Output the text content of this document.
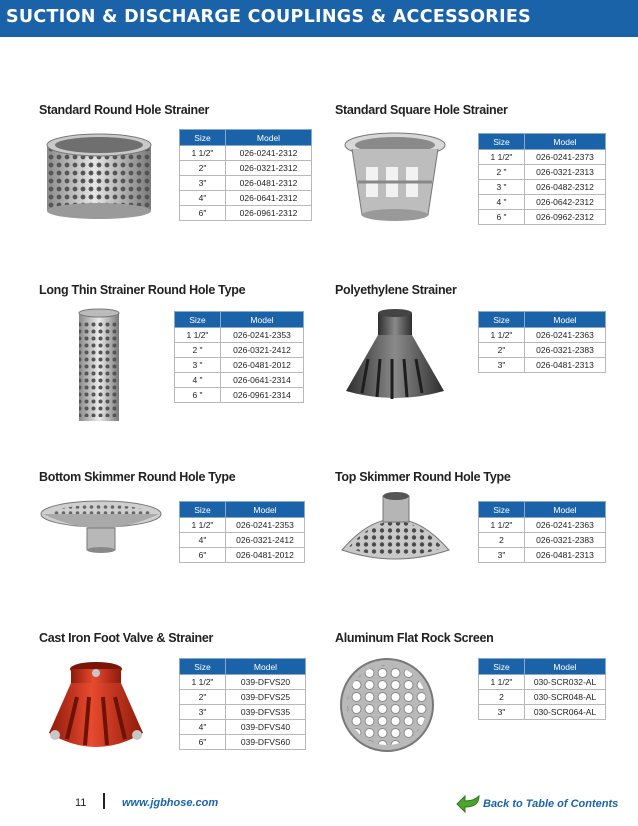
SUCTION & DISCHARGE COUPLINGS & ACCESSORIES
Standard Round Hole Strainer
Size	Model
1 1/2"	026-0241-2312
2"	026-0321-2312
3"	026-0481-2312
4"	026-0641-2312
6"	026-0961-2312
Standard Square Hole Strainer
Size	Model
1 1/2"	026-0241-2373
2 "	026-0321-2313
3 "	026-0482-2312
4 "	026-0642-2312
6 "	026-0962-2312
Long Thin Strainer Round Hole Type
Size	Model
1 1/2"	026-0241-2353
2 "	026-0321-2412
3 "	026-0481-2012
4 "	026-0641-2314
6 "	026-0961-2314
Polyethylene Strainer
Size	Model
1 1/2"	026-0241-2363
2"	026-0321-2383
3"	026-0481-2313
Bottom Skimmer Round Hole Type
Size	Model
1 1/2"	026-0241-2353
4"	026-0321-2412
6"	026-0481-2012
Top Skimmer Round Hole Type
Size	Model
1 1/2"	026-0241-2363
2	026-0321-2383
3"	026-0481-2313
Cast Iron Foot Valve & Strainer
Size	Model
1 1/2"	039-DFVS20
2"	039-DFVS25
3"	039-DFVS35
4"	039-DFVS40
6"	039-DFVS60
Aluminum Flat Rock Screen
Size	Model
1 1/2"	030-SCR032-AL
2	030-SCR048-AL
3"	030-SCR064-AL
11	www.jgbhose.com	Back to Table of Contents
